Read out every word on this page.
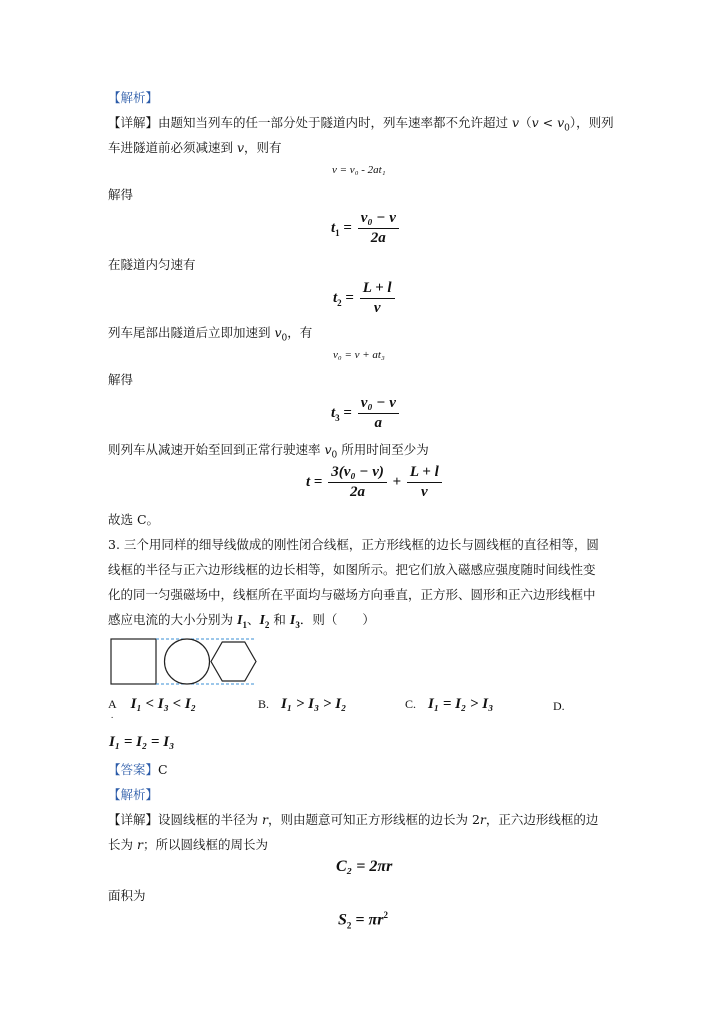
【解析】
【详解】由题知当列车的任一部分处于隧道内时，列车速率都不允许超过 $v(v < v_0)$，则列
车进隧道前必须减速到 v，则有
v = v₀ - 2at₁
解得
$t_1 = \frac{\text{v₀ − v}}{2a}$
在隧道内匀速有
$t_2 = \frac{L + l}{v}$
列车尾部出隧道后立即加速到 $v_0$，有
v₀ = v + at₃
解得
$t_3 = \frac{\text{v₀ − v}}{a}$
则列车从减速开始至回到正常行驶速率 $v_0$ 所用时间至少为
$t = \frac{\text{3(v₀ − v)}}{2a} + \frac{L + l}{v}$
故选 C。
3. 三个用同样的细导线做成的刚性闭合线框，正方形线框的边长与圆线框的直径相等，圆
线框的半径与正六边形线框的边长相等，如图所示。把它们放入磁感应强度随时间线性变
化的同一匀强磁场中，线框所在平面均与磁场方向垂直，正方形、圆形和正六边形线框中
感应电流的大小分别为 $I_1$、$I_2$ 和 $I_3$．则（　　）
A I₁ < I₃ < I₂
.
B. I₁ > I₃ > I₂	C. I₁ = I₂ > I₃	D.
I₁ = I₂ = I₃
【答案】C
【解析】
【详解】设圆线框的半径为 r，则由题意可知正方形线框的边长为 2r，正六边形线框的边
长为 r；所以圆线框的周长为
C₂ = 2πr
面积为
$S_2 = \pi r^2$
